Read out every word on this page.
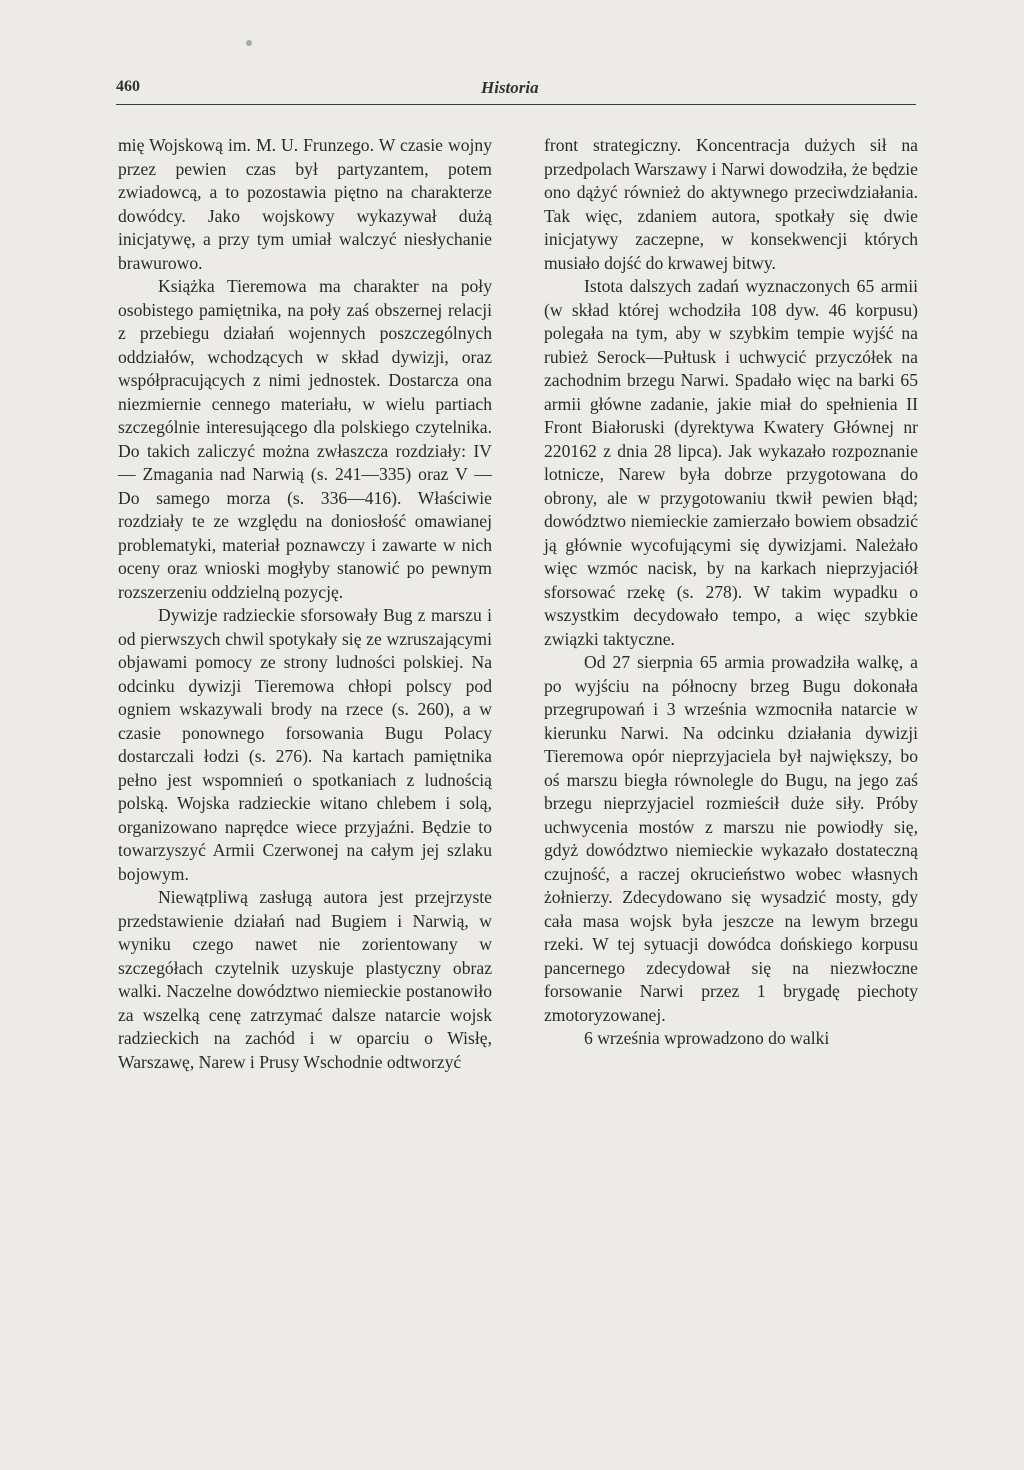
460	Historia

mię Wojskową im. M. U. Frunzego. W czasie wojny przez pewien czas był partyzantem, potem zwiadowcą, a to pozostawia piętno na charakterze dowódcy. Jako wojskowy wykazywał dużą inicjatywę, a przy tym umiał walczyć niesłychanie brawurowo.

Książka Tieremowa ma charakter na poły osobistego pamiętnika, na poły zaś obszernej relacji z przebiegu działań wojennych poszczególnych oddziałów, wchodzących w skład dywizji, oraz współpracujących z nimi jednostek. Dostarcza ona niezmiernie cennego materiału, w wielu partiach szczególnie interesującego dla polskiego czytelnika. Do takich zaliczyć można zwłaszcza rozdziały: IV — Zmagania nad Narwią (s. 241—335) oraz V — Do samego morza (s. 336—416). Właściwie rozdziały te ze względu na doniosłość omawianej problematyki, materiał poznawczy i zawarte w nich oceny oraz wnioski mogłyby stanowić po pewnym rozszerzeniu oddzielną pozycję.

Dywizje radzieckie sforsowały Bug z marszu i od pierwszych chwil spotykały się ze wzruszającymi objawami pomocy ze strony ludności polskiej. Na odcinku dywizji Tieremowa chłopi polscy pod ogniem wskazywali brody na rzece (s. 260), a w czasie ponownego forsowania Bugu Polacy dostarczali łodzi (s. 276). Na kartach pamiętnika pełno jest wspomnień o spotkaniach z ludnością polską. Wojska radzieckie witano chlebem i solą, organizowano naprędce wiece przyjaźni. Będzie to towarzyszyć Armii Czerwonej na całym jej szlaku bojowym.

Niewątpliwą zasługą autora jest przejrzyste przedstawienie działań nad Bugiem i Narwią, w wyniku czego nawet nie zorientowany w szczegółach czytelnik uzyskuje plastyczny obraz walki. Naczelne dowództwo niemieckie postanowiło za wszelką cenę zatrzymać dalsze natarcie wojsk radzieckich na zachód i w oparciu o Wisłę, Warszawę, Narew i Prusy Wschodnie odtworzyć

front strategiczny. Koncentracja dużych sił na przedpolach Warszawy i Narwi dowodziła, że będzie ono dążyć również do aktywnego przeciwdziałania. Tak więc, zdaniem autora, spotkały się dwie inicjatywy zaczepne, w konsekwencji których musiało dojść do krwawej bitwy.

Istota dalszych zadań wyznaczonych 65 armii (w skład której wchodziła 108 dyw. 46 korpusu) polegała na tym, aby w szybkim tempie wyjść na rubież Serock—Pułtusk i uchwycić przyczółek na zachodnim brzegu Narwi. Spadało więc na barki 65 armii główne zadanie, jakie miał do spełnienia II Front Białoruski (dyrektywa Kwatery Głównej nr 220162 z dnia 28 lipca). Jak wykazało rozpoznanie lotnicze, Narew była dobrze przygotowana do obrony, ale w przygotowaniu tkwił pewien błąd; dowództwo niemieckie zamierzało bowiem obsadzić ją głównie wycofującymi się dywizjami. Należało więc wzmóc nacisk, by na karkach nieprzyjaciół sforsować rzekę (s. 278). W takim wypadku o wszystkim decydowało tempo, a więc szybkie związki taktyczne.

Od 27 sierpnia 65 armia prowadziła walkę, a po wyjściu na północny brzeg Bugu dokonała przegrupowań i 3 września wzmocniła natarcie w kierunku Narwi. Na odcinku działania dywizji Tieremowa opór nieprzyjaciela był największy, bo oś marszu biegła równolegle do Bugu, na jego zaś brzegu nieprzyjaciel rozmieścił duże siły. Próby uchwycenia mostów z marszu nie powiodły się, gdyż dowództwo niemieckie wykazało dostateczną czujność, a raczej okrucieństwo wobec własnych żołnierzy. Zdecydowano się wysadzić mosty, gdy cała masa wojsk była jeszcze na lewym brzegu rzeki. W tej sytuacji dowódca dońskiego korpusu pancernego zdecydował się na niezwłoczne forsowanie Narwi przez 1 brygadę piechoty zmotoryzowanej.

6 września wprowadzono do walki
